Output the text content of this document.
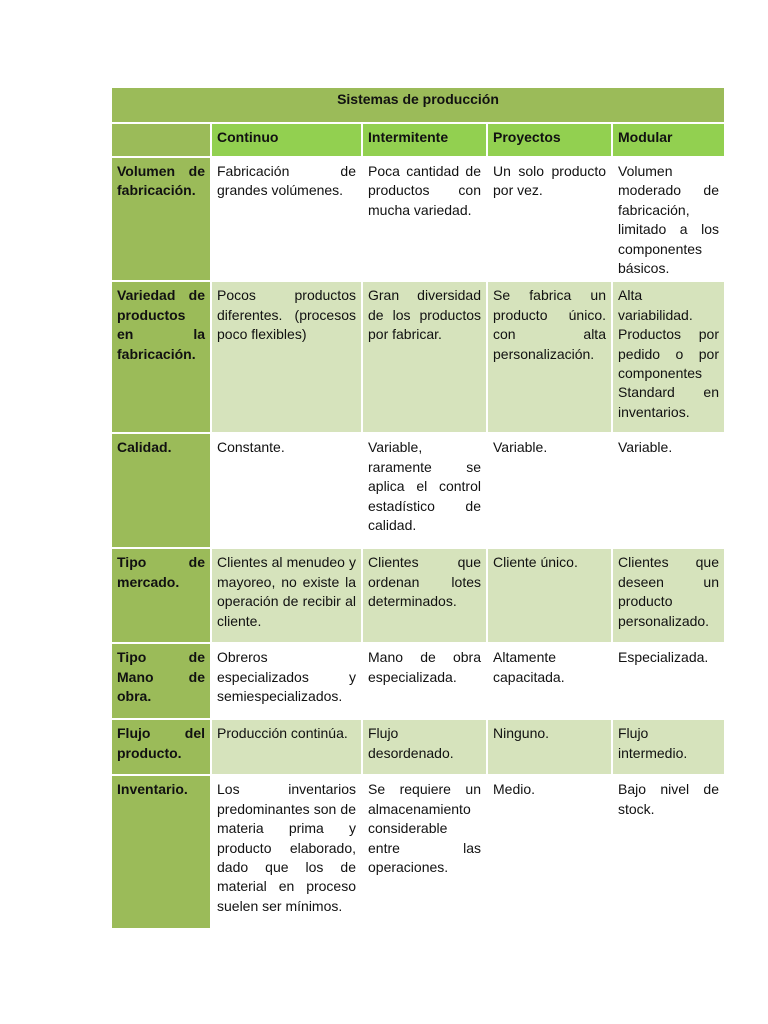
Sistemas de producción				
	Continuo	Intermitente	Proyectos	Modular
Volumen de fabricación.	Fabricación de grandes volúmenes.	Poca cantidad de productos con mucha variedad.	Un solo producto por vez.	Volumen moderado de fabricación, limitado a los componentes básicos.
Variedad de productos en la fabricación.	Pocos productos diferentes. (procesos poco flexibles)	Gran diversidad de los productos por fabricar.	Se fabrica un producto único. con alta personalización.	Alta variabilidad. Productos por pedido o por componentes Standard en inventarios.
Calidad.	Constante.	Variable, raramente se aplica el control estadístico de calidad.	Variable.	Variable.
Tipo de mercado.	Clientes al menudeo y mayoreo, no existe la operación de recibir al cliente.	Clientes que ordenan lotes determinados.	Cliente único.	Clientes que deseen un producto personalizado.
Tipo de Mano de obra.	Obreros especializados y semiespecializados.	Mano de obra especializada.	Altamente capacitada.	Especializada.
Flujo del producto.	Producción continúa.	Flujo desordenado.	Ninguno.	Flujo intermedio.
Inventario.	Los inventarios predominantes son de materia prima y producto elaborado, dado que los de material en proceso suelen ser mínimos.	Se requiere un almacenamiento considerable entre las operaciones.	Medio.	Bajo nivel de stock.
